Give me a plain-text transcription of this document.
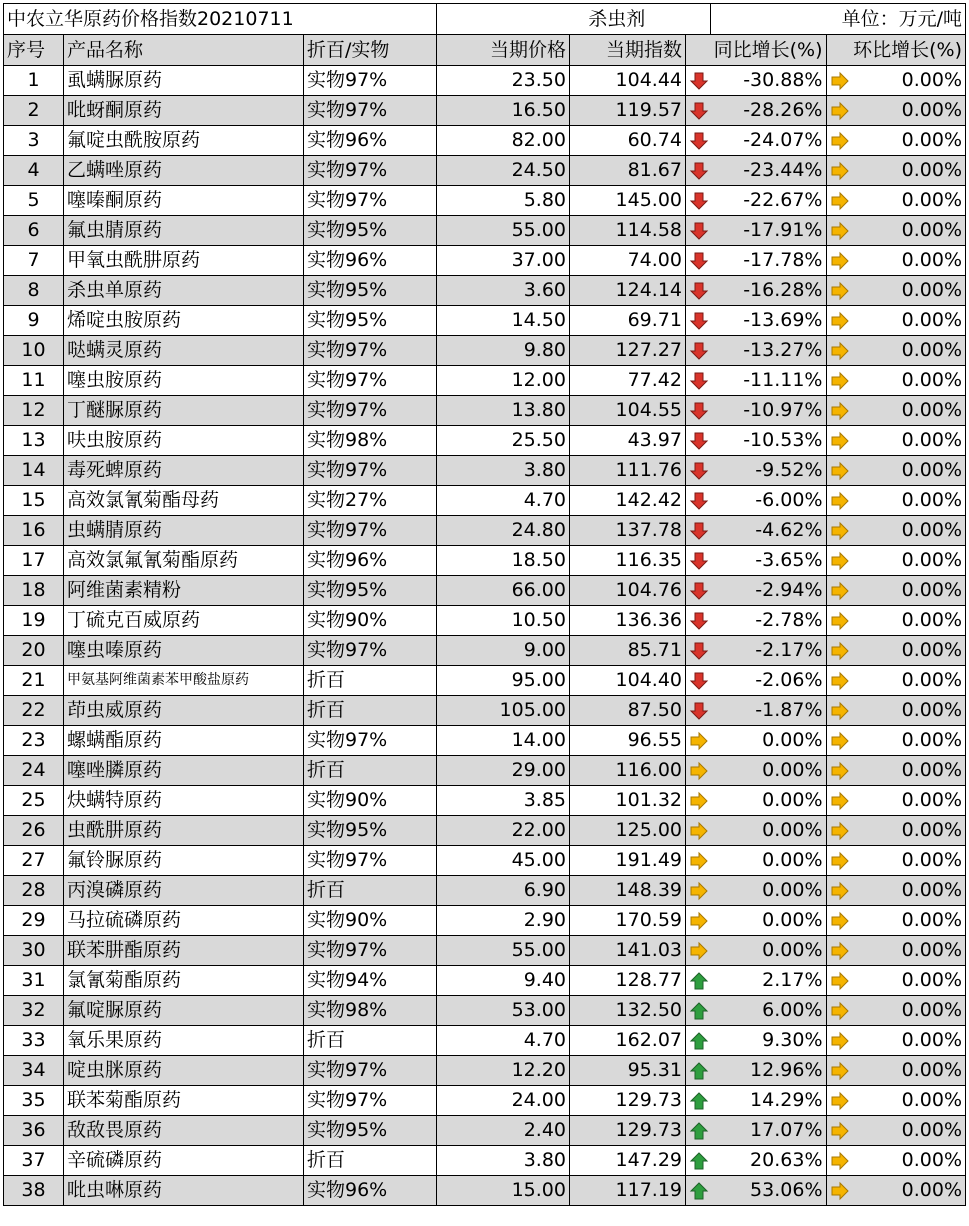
中农立华原药价格指数20210711			杀虫剂			单位：万元/吨		
序号	产品名称	折百/实物	当期价格	当期指数	同比增长(%)		环比增长(%)	
1	虱螨脲原药	实物97%	23.50	104.44		-30.88%		0.00%
2	吡蚜酮原药	实物97%	16.50	119.57		-28.26%		0.00%
3	氟啶虫酰胺原药	实物96%	82.00	60.74		-24.07%		0.00%
4	乙螨唑原药	实物97%	24.50	81.67		-23.44%		0.00%
5	噻嗪酮原药	实物97%	5.80	145.00		-22.67%		0.00%
6	氟虫腈原药	实物95%	55.00	114.58		-17.91%		0.00%
7	甲氧虫酰肼原药	实物96%	37.00	74.00		-17.78%		0.00%
8	杀虫单原药	实物95%	3.60	124.14		-16.28%		0.00%
9	烯啶虫胺原药	实物95%	14.50	69.71		-13.69%		0.00%
10	哒螨灵原药	实物97%	9.80	127.27		-13.27%		0.00%
11	噻虫胺原药	实物97%	12.00	77.42		-11.11%		0.00%
12	丁醚脲原药	实物97%	13.80	104.55		-10.97%		0.00%
13	呋虫胺原药	实物98%	25.50	43.97		-10.53%		0.00%
14	毒死蜱原药	实物97%	3.80	111.76		-9.52%		0.00%
15	高效氯氰菊酯母药	实物27%	4.70	142.42		-6.00%		0.00%
16	虫螨腈原药	实物97%	24.80	137.78		-4.62%		0.00%
17	高效氯氟氰菊酯原药	实物96%	18.50	116.35		-3.65%		0.00%
18	阿维菌素精粉	实物95%	66.00	104.76		-2.94%		0.00%
19	丁硫克百威原药	实物90%	10.50	136.36		-2.78%		0.00%
20	噻虫嗪原药	实物97%	9.00	85.71		-2.17%		0.00%
21	甲氨基阿维菌素苯甲酸盐原药	折百	95.00	104.40		-2.06%		0.00%
22	茚虫威原药	折百	105.00	87.50		-1.87%		0.00%
23	螺螨酯原药	实物97%	14.00	96.55		0.00%		0.00%
24	噻唑膦原药	折百	29.00	116.00		0.00%		0.00%
25	炔螨特原药	实物90%	3.85	101.32		0.00%		0.00%
26	虫酰肼原药	实物95%	22.00	125.00		0.00%		0.00%
27	氟铃脲原药	实物97%	45.00	191.49		0.00%		0.00%
28	丙溴磷原药	折百	6.90	148.39		0.00%		0.00%
29	马拉硫磷原药	实物90%	2.90	170.59		0.00%		0.00%
30	联苯肼酯原药	实物97%	55.00	141.03		0.00%		0.00%
31	氯氰菊酯原药	实物94%	9.40	128.77		2.17%		0.00%
32	氟啶脲原药	实物98%	53.00	132.50		6.00%		0.00%
33	氧乐果原药	折百	4.70	162.07		9.30%		0.00%
34	啶虫脒原药	实物97%	12.20	95.31		12.96%		0.00%
35	联苯菊酯原药	实物97%	24.00	129.73		14.29%		0.00%
36	敌敌畏原药	实物95%	2.40	129.73		17.07%		0.00%
37	辛硫磷原药	折百	3.80	147.29		20.63%		0.00%
38	吡虫啉原药	实物96%	15.00	117.19		53.06%		0.00%
